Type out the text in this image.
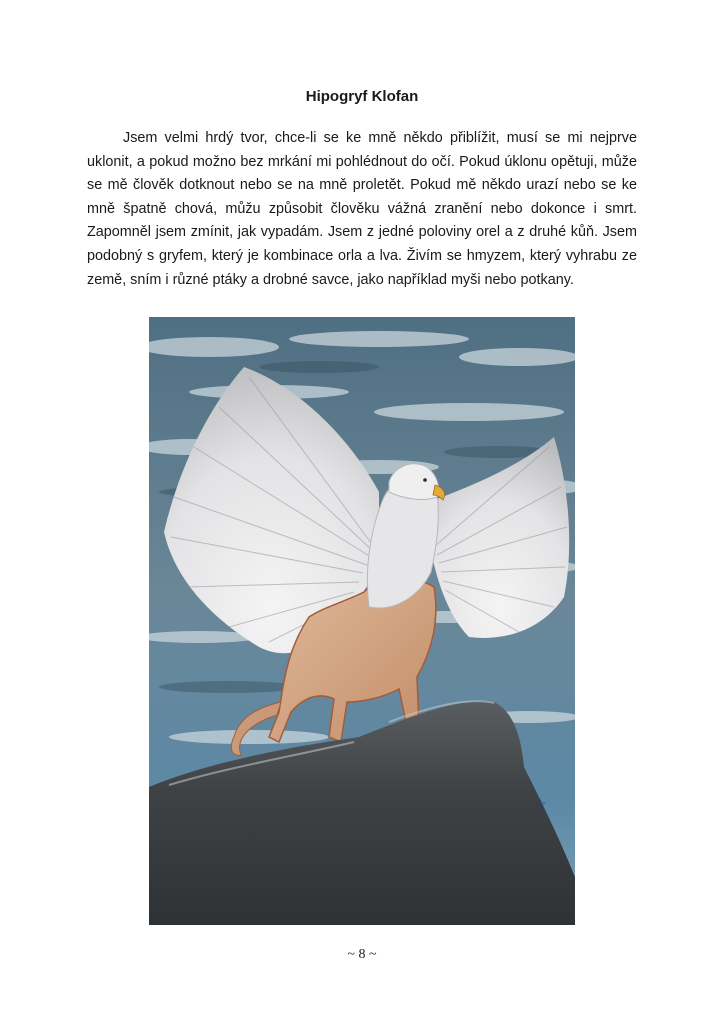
Hipogryf Klofan

Jsem velmi hrdý tvor, chce-li se ke mně někdo přiblížit, musí se mi nejprve uklonit, a pokud možno bez mrkání mi pohlédnout do očí. Pokud úklonu opětuji, může se mě člověk dotknout nebo se na mně proletět. Pokud mě někdo urazí nebo se ke mně špatně chová, můžu způsobit člověku vážná zranění nebo dokonce i smrt. Zapomněl jsem zmínit, jak vypadám. Jsem z jedné poloviny orel a z druhé kůň. Jsem podobný s gryfem, který je kombinace orla a lva. Živím se hmyzem, který vyhrabu ze země, sním i různé ptáky a drobné savce, jako například myši nebo potkany.

☆
~ 8 ~
